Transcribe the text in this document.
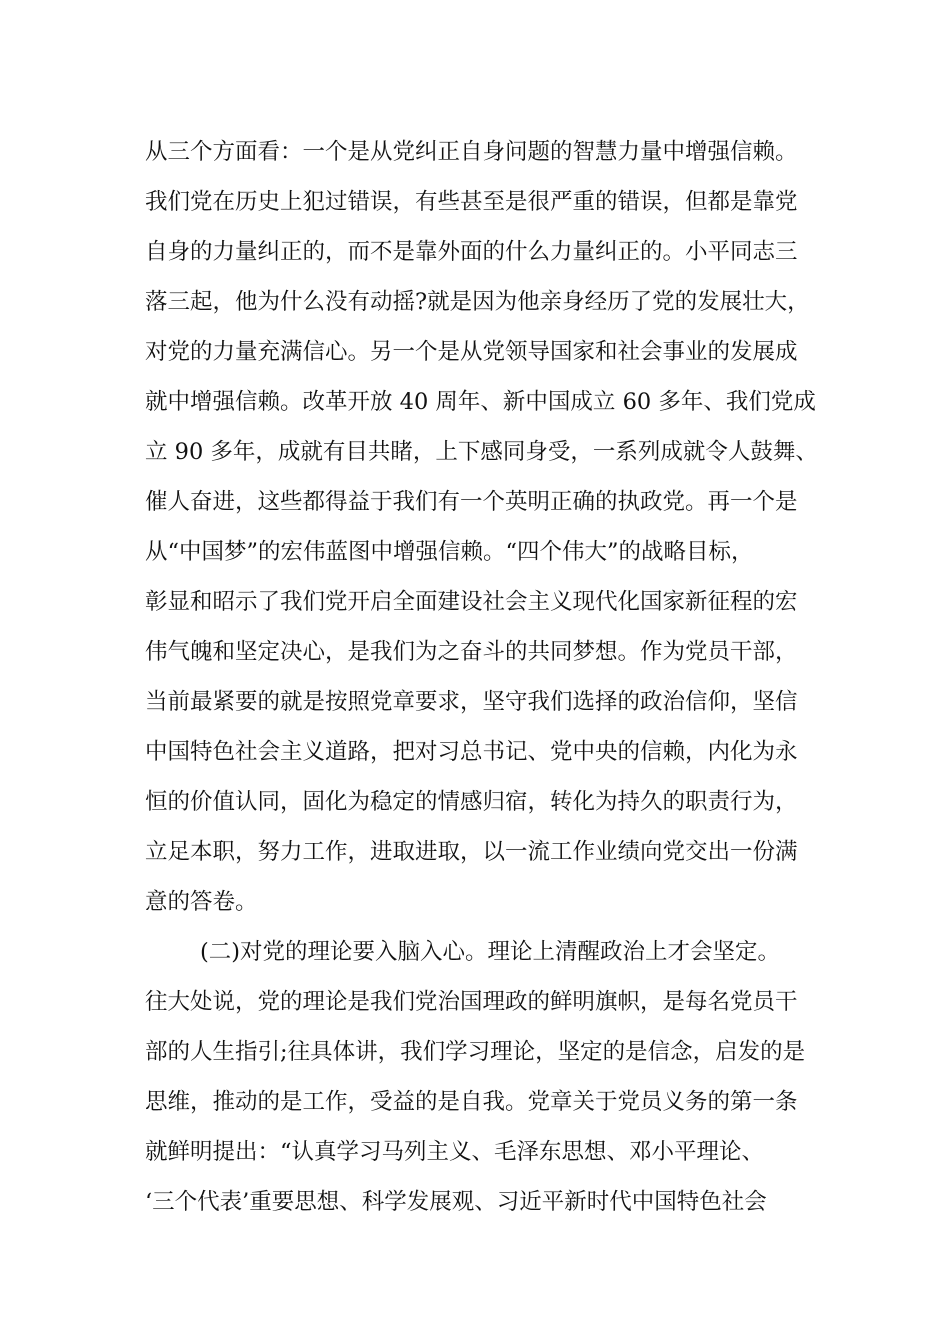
从三个方面看：一个是从党纠正自身问题的智慧力量中增强信赖。
我们党在历史上犯过错误，有些甚至是很严重的错误，但都是靠党
自身的力量纠正的，而不是靠外面的什么力量纠正的。小平同志三
落三起，他为什么没有动摇?就是因为他亲身经历了党的发展壮大，
对党的力量充满信心。另一个是从党领导国家和社会事业的发展成
就中增强信赖。改革开放 40 周年、新中国成立 60 多年、我们党成
立 90 多年，成就有目共睹，上下感同身受，一系列成就令人鼓舞、
催人奋进，这些都得益于我们有一个英明正确的执政党。再一个是
从“中国梦”的宏伟蓝图中增强信赖。“四个伟大”的战略目标，
彰显和昭示了我们党开启全面建设社会主义现代化国家新征程的宏
伟气魄和坚定决心，是我们为之奋斗的共同梦想。作为党员干部，
当前最紧要的就是按照党章要求，坚守我们选择的政治信仰，坚信
中国特色社会主义道路，把对习总书记、党中央的信赖，内化为永
恒的价值认同，固化为稳定的情感归宿，转化为持久的职责行为，
立足本职，努力工作，进取进取，以一流工作业绩向党交出一份满
意的答卷。
(二)对党的理论要入脑入心。理论上清醒政治上才会坚定。
往大处说，党的理论是我们党治国理政的鲜明旗帜，是每名党员干
部的人生指引;往具体讲，我们学习理论，坚定的是信念，启发的是
思维，推动的是工作，受益的是自我。党章关于党员义务的第一条
就鲜明提出：“认真学习马列主义、毛泽东思想、邓小平理论、
‘三个代表’重要思想、科学发展观、习近平新时代中国特色社会
